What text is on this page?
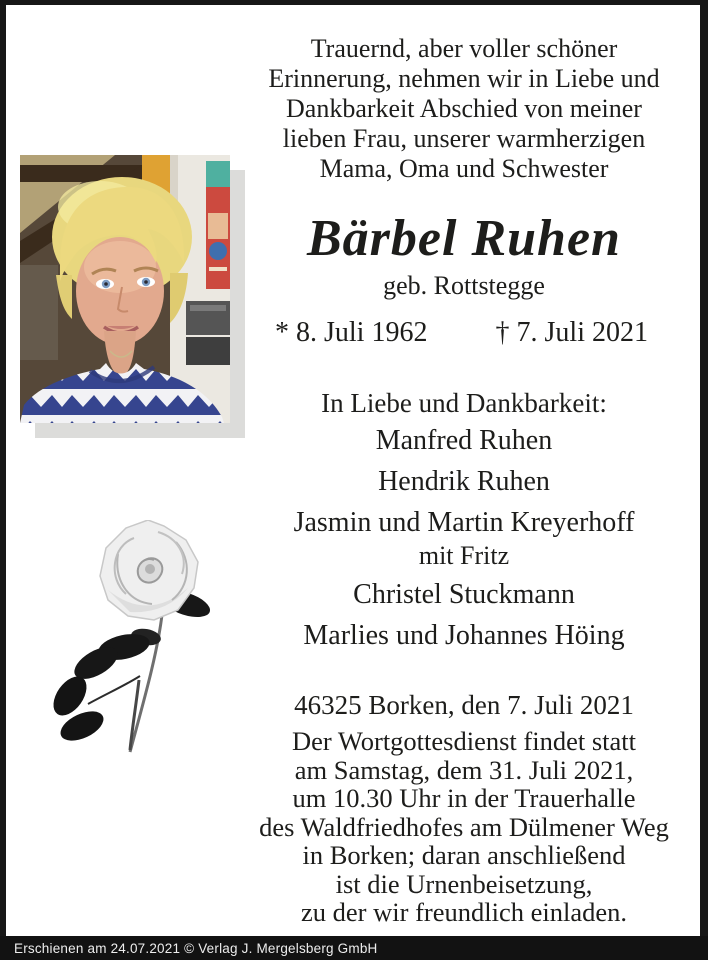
Trauernd, aber voller schöner
Erinnerung, nehmen wir in Liebe und
Dankbarkeit Abschied von meiner
lieben Frau, unserer warmherzigen
Mama, Oma und Schwester
Bärbel Ruhen
geb. Rottstegge
* 8. Juli 1962 † 7. Juli 2021
In Liebe und Dankbarkeit:
Manfred Ruhen
Hendrik Ruhen
Jasmin und Martin Kreyerhoff
mit Fritz
Christel Stuckmann
Marlies und Johannes Höing
46325 Borken, den 7. Juli 2021
Der Wortgottesdienst findet statt
am Samstag, dem 31. Juli 2021,
um 10.30 Uhr in der Trauerhalle
des Waldfriedhofes am Dülmener Weg
in Borken; daran anschließend
ist die Urnenbeisetzung,
zu der wir freundlich einladen.
Erschienen am 24.07.2021 © Verlag J. Mergelsberg GmbH
